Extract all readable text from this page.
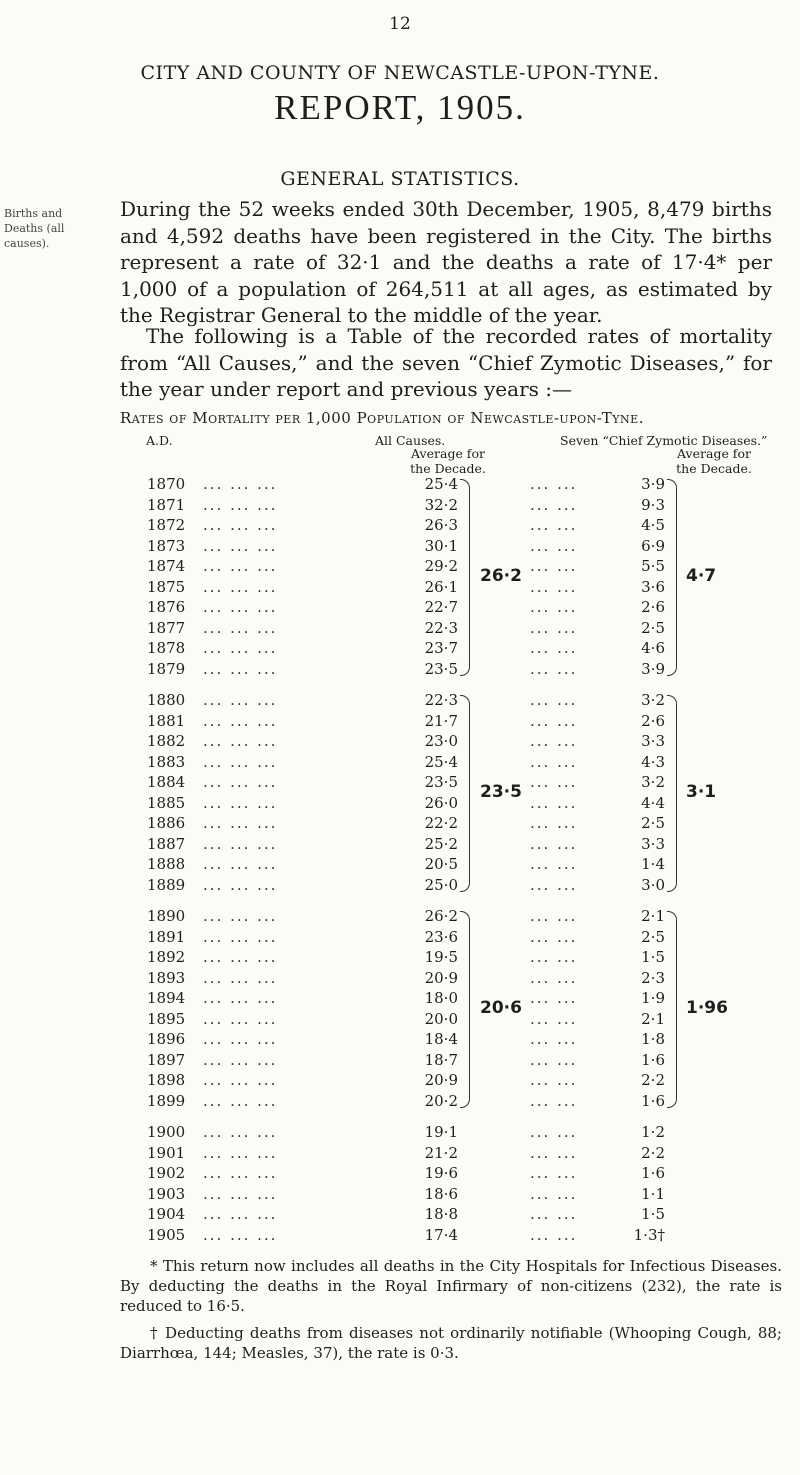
12
CITY AND COUNTY OF NEWCASTLE-UPON-TYNE.
REPORT, 1905.
GENERAL STATISTICS.
Births and Deaths (all causes).
During the 52 weeks ended 30th December, 1905, 8,479 births and 4,592 deaths have been registered in the City. The births represent a rate of 32·1 and the deaths a rate of 17·4* per 1,000 of a population of 264,511 at all ages, as estimated by the Registrar General to the middle of the year.
The following is a Table of the recorded rates of mortality from “All Causes,” and the seven “Chief Zymotic Diseases,” for the year under report and previous years :—
Rates of Mortality per 1,000 Population of Newcastle-upon-Tyne.
A.D.	All Causes.
Average for
the Decade.
Seven “Chief Zymotic Diseases.”
Average for
the Decade.
1870	... ... ...	25·4	... ...	3·9
1871	... ... ...	32·2	... ...	9·3
1872	... ... ...	26·3	... ...	4·5
1873	... ... ...	30·1	... ...	6·9
1874	... ... ...	29·2	... ...	5·5
1875	... ... ...	26·1	... ...	3·6
1876	... ... ...	22·7	... ...	2·6
1877	... ... ...	22·3	... ...	2·5
1878	... ... ...	23·7	... ...	4·6
1879	... ... ...	23·5	... ...	3·9
26·2	4·7
1880	... ... ...	22·3	... ...	3·2
1881	... ... ...	21·7	... ...	2·6
1882	... ... ...	23·0	... ...	3·3
1883	... ... ...	25·4	... ...	4·3
1884	... ... ...	23·5	... ...	3·2
1885	... ... ...	26·0	... ...	4·4
1886	... ... ...	22·2	... ...	2·5
1887	... ... ...	25·2	... ...	3·3
1888	... ... ...	20·5	... ...	1·4
1889	... ... ...	25·0	... ...	3·0
23·5	3·1
1890	... ... ...	26·2	... ...	2·1
1891	... ... ...	23·6	... ...	2·5
1892	... ... ...	19·5	... ...	1·5
1893	... ... ...	20·9	... ...	2·3
1894	... ... ...	18·0	... ...	1·9
1895	... ... ...	20·0	... ...	2·1
1896	... ... ...	18·4	... ...	1·8
1897	... ... ...	18·7	... ...	1·6
1898	... ... ...	20·9	... ...	2·2
1899	... ... ...	20·2	... ...	1·6
20·6	1·96
1900	... ... ...	19·1	... ...	1·2
1901	... ... ...	21·2	... ...	2·2
1902	... ... ...	19·6	... ...	1·6
1903	... ... ...	18·6	... ...	1·1
1904	... ... ...	18·8	... ...	1·5
1905	... ... ...	17·4	... ...	1·3†

* This return now includes all deaths in the City Hospitals for Infectious Diseases. By deducting the deaths in the Royal Infirmary of non-citizens (232), the rate is reduced to 16·5.

† Deducting deaths from diseases not ordinarily notifiable (Whooping Cough, 88; Diarrhœa, 144; Measles, 37), the rate is 0·3.
